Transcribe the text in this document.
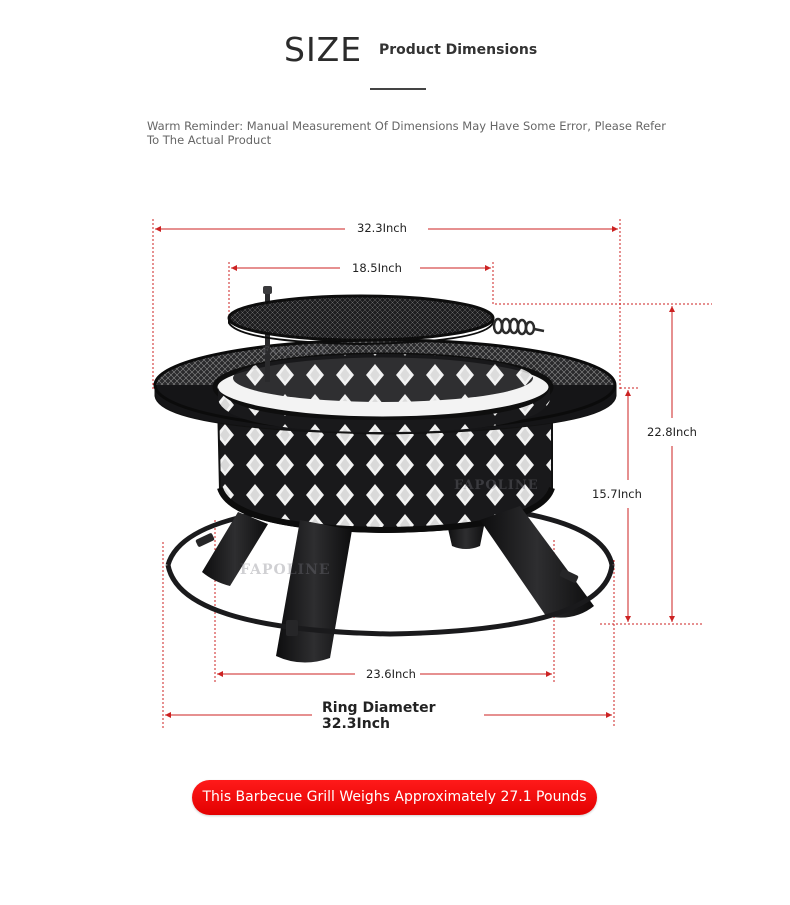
SIZE Product Dimensions
Warm Reminder: Manual Measurement Of Dimensions May Have Some Error, Please Refer To The Actual Product
FAPOLINE
FAPOLINE
FAPOLINE
32.3Inch
18.5Inch
22.8Inch
15.7Inch
23.6Inch
Ring Diameter
32.3Inch
This Barbecue Grill Weighs Approximately 27.1 Pounds
